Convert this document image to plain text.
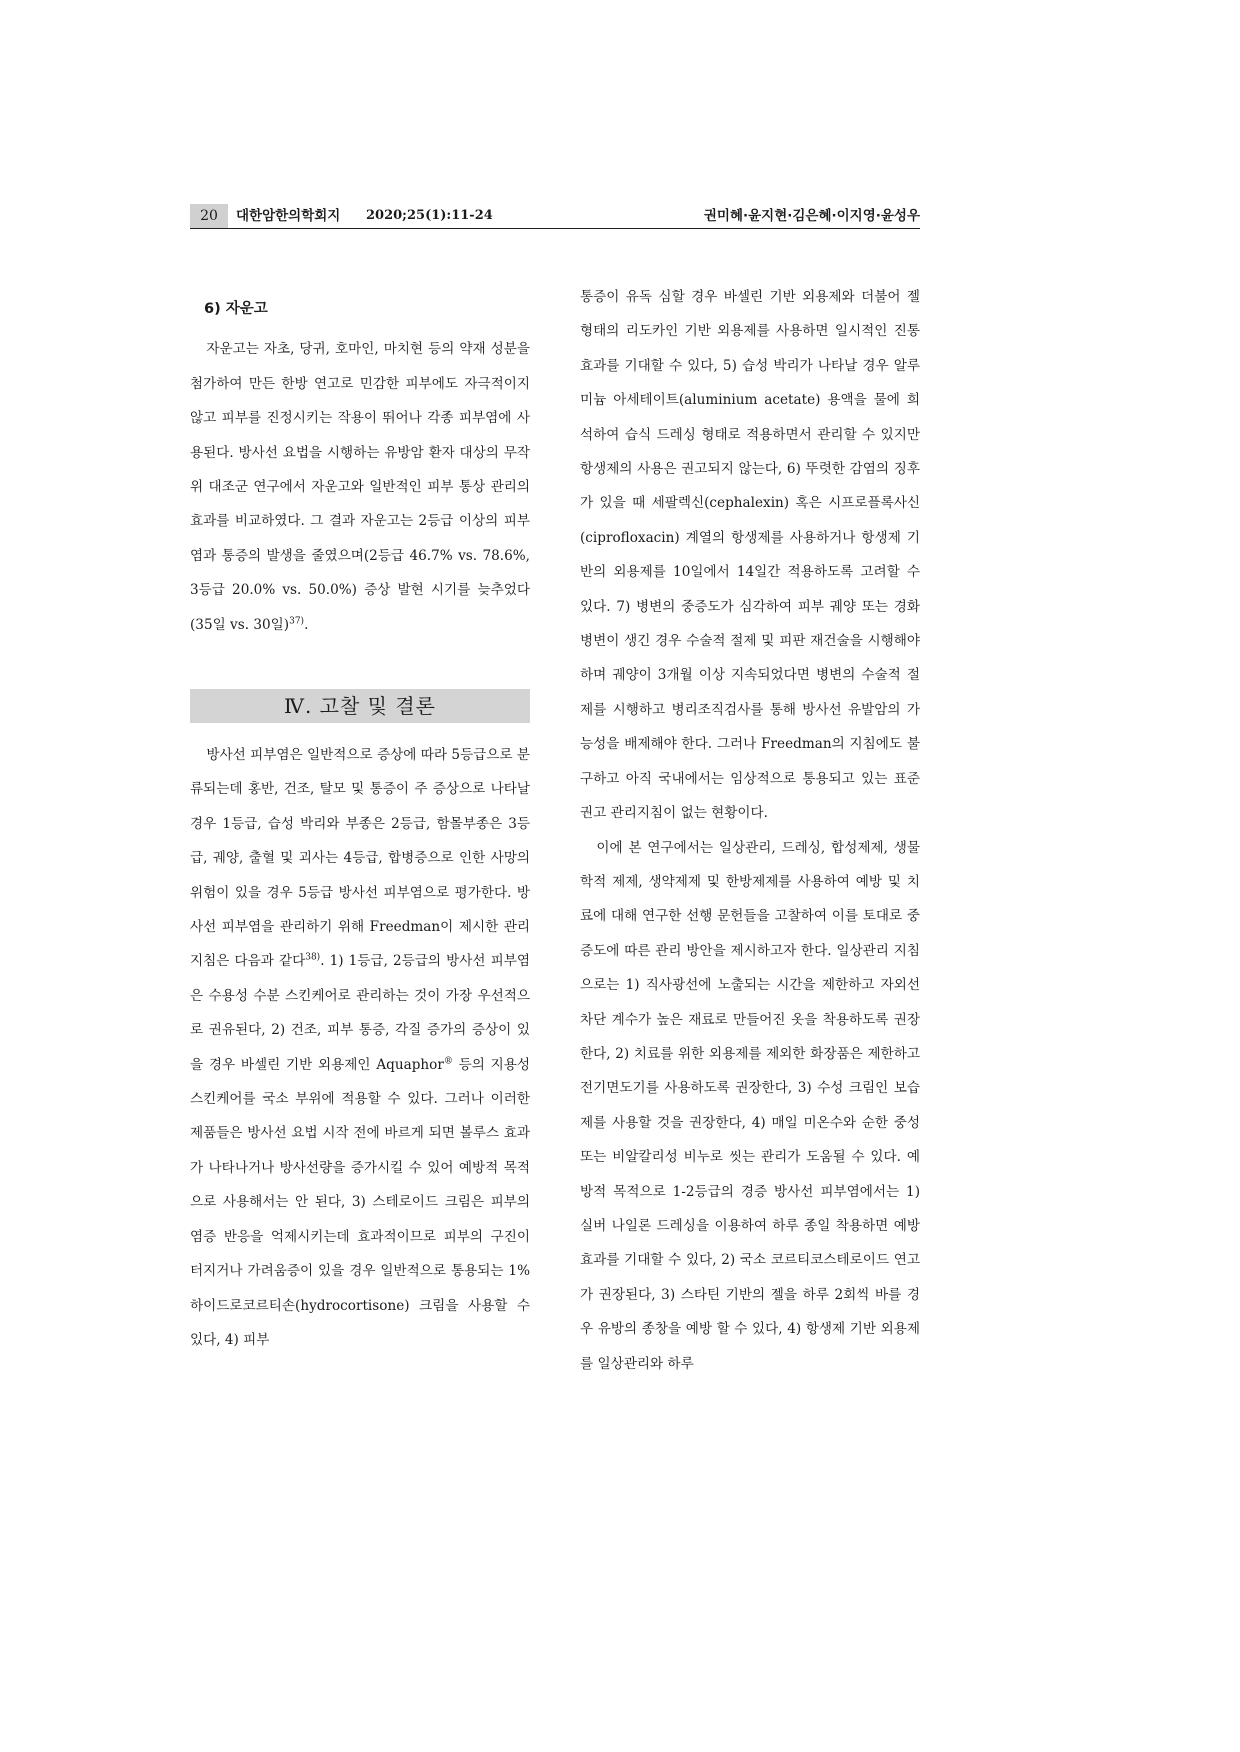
20	대한암한의학회지 2020;25(1):11-24	권미혜·윤지현·김은혜·이지영·윤성우
6) 자운고

자운고는 자초, 당귀, 호마인, 마치현 등의 약재 성분을 첨가하여 만든 한방 연고로 민감한 피부에도 자극적이지 않고 피부를 진정시키는 작용이 뛰어나 각종 피부염에 사용된다. 방사선 요법을 시행하는 유방암 환자 대상의 무작위 대조군 연구에서 자운고와 일반적인 피부 통상 관리의 효과를 비교하였다. 그 결과 자운고는 2등급 이상의 피부염과 통증의 발생을 줄였으며(2등급 46.7% vs. 78.6%, 3등급 20.0% vs. 50.0%) 증상 발현 시기를 늦추었다(35일 vs. 30일)$^{37)}$.

Ⅳ. 고찰 및 결론

방사선 피부염은 일반적으로 증상에 따라 5등급으로 분류되는데 홍반, 건조, 탈모 및 통증이 주 증상으로 나타날 경우 1등급, 습성 박리와 부종은 2등급, 함몰부종은 3등급, 궤양, 출혈 및 괴사는 4등급, 합병증으로 인한 사망의 위험이 있을 경우 5등급 방사선 피부염으로 평가한다. 방사선 피부염을 관리하기 위해 Freedman이 제시한 관리 지침은 다음과 같다$^{38)}$. 1) 1등급, 2등급의 방사선 피부염은 수용성 수분 스킨케어로 관리하는 것이 가장 우선적으로 권유된다, 2) 건조, 피부 통증, 각질 증가의 증상이 있을 경우 바셀린 기반 외용제인 Aquaphor® 등의 지용성 스킨케어를 국소 부위에 적용할 수 있다. 그러나 이러한 제품들은 방사선 요법 시작 전에 바르게 되면 볼루스 효과가 나타나거나 방사선량을 증가시킬 수 있어 예방적 목적으로 사용해서는 안 된다, 3) 스테로이드 크림은 피부의 염증 반응을 억제시키는데 효과적이므로 피부의 구진이 터지거나 가려움증이 있을 경우 일반적으로 통용되는 1% 하이드로코르티손(hydrocortisone) 크림을 사용할 수 있다, 4) 피부

통증이 유독 심할 경우 바셀린 기반 외용제와 더불어 젤 형태의 리도카인 기반 외용제를 사용하면 일시적인 진통 효과를 기대할 수 있다, 5) 습성 박리가 나타날 경우 알루미늄 아세테이트(aluminium acetate) 용액을 물에 희석하여 습식 드레싱 형태로 적용하면서 관리할 수 있지만 항생제의 사용은 권고되지 않는다, 6) 뚜렷한 감염의 징후가 있을 때 세팔렉신(cephalexin) 혹은 시프로플록사신(ciprofloxacin) 계열의 항생제를 사용하거나 항생제 기반의 외용제를 10일에서 14일간 적용하도록 고려할 수 있다. 7) 병변의 중증도가 심각하여 피부 궤양 또는 경화 병변이 생긴 경우 수술적 절제 및 피판 재건술을 시행해야하며 궤양이 3개월 이상 지속되었다면 병변의 수술적 절제를 시행하고 병리조직검사를 통해 방사선 유발암의 가능성을 배제해야 한다. 그러나 Freedman의 지침에도 불구하고 아직 국내에서는 임상적으로 통용되고 있는 표준 권고 관리지침이 없는 현황이다.

이에 본 연구에서는 일상관리, 드레싱, 합성제제, 생물학적 제제, 생약제제 및 한방제제를 사용하여 예방 및 치료에 대해 연구한 선행 문헌들을 고찰하여 이를 토대로 중증도에 따른 관리 방안을 제시하고자 한다. 일상관리 지침으로는 1) 직사광선에 노출되는 시간을 제한하고 자외선 차단 계수가 높은 재료로 만들어진 옷을 착용하도록 권장한다, 2) 치료를 위한 외용제를 제외한 화장품은 제한하고 전기면도기를 사용하도록 권장한다, 3) 수성 크림인 보습제를 사용할 것을 권장한다, 4) 매일 미온수와 순한 중성 또는 비알칼리성 비누로 씻는 관리가 도움될 수 있다. 예방적 목적으로 1-2등급의 경증 방사선 피부염에서는 1) 실버 나일론 드레싱을 이용하여 하루 종일 착용하면 예방 효과를 기대할 수 있다, 2) 국소 코르티코스테로이드 연고가 권장된다, 3) 스타틴 기반의 젤을 하루 2회씩 바를 경우 유방의 종창을 예방 할 수 있다, 4) 항생제 기반 외용제를 일상관리와 하루
